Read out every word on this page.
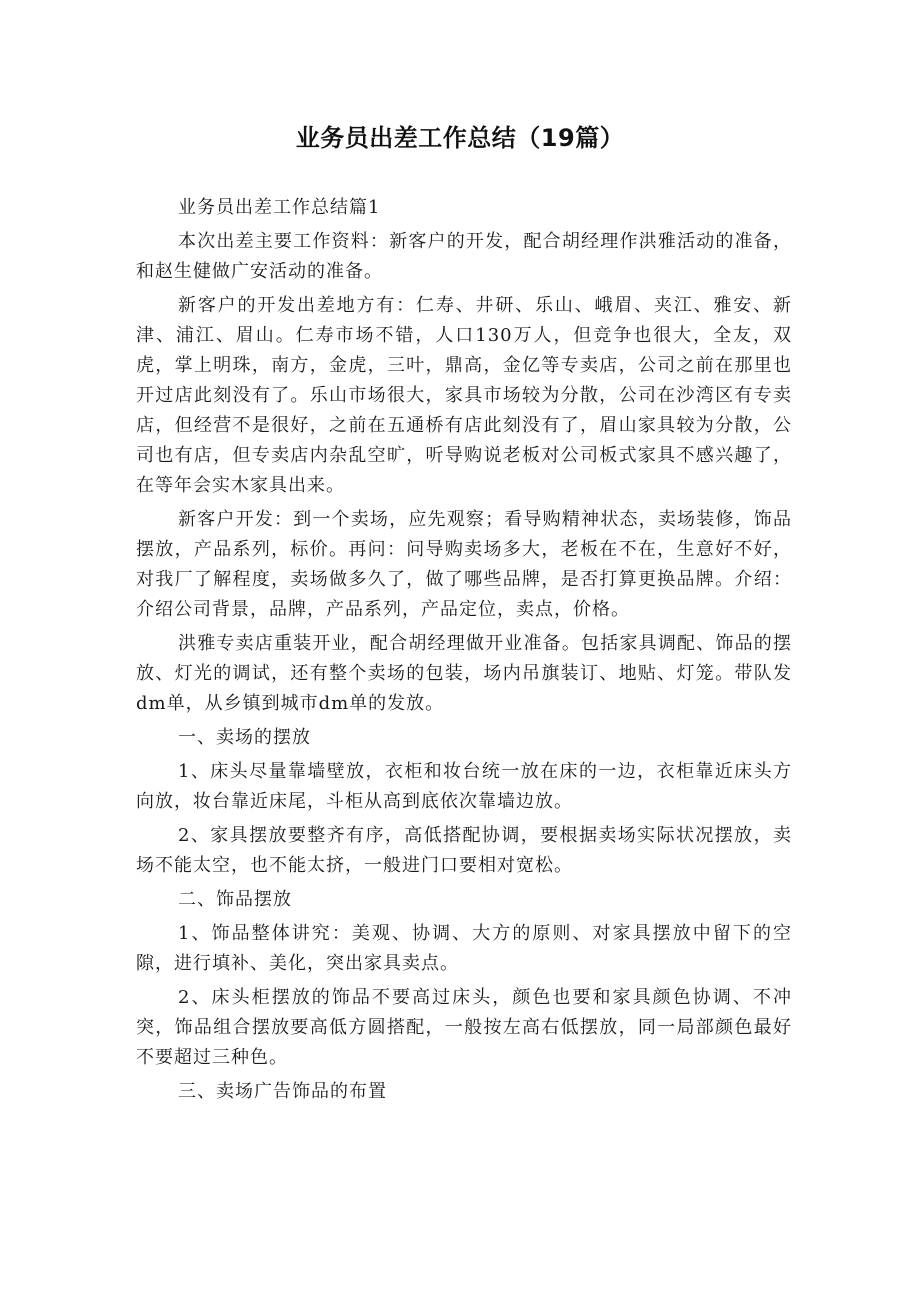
业务员出差工作总结（19篇）

业务员出差工作总结篇1

本次出差主要工作资料：新客户的开发，配合胡经理作洪雅活动的准备，和赵生健做广安活动的准备。

新客户的开发出差地方有：仁寿、井研、乐山、峨眉、夹江、雅安、新津、浦江、眉山。仁寿市场不错，人口130万人，但竞争也很大，全友，双虎，掌上明珠，南方，金虎，三叶，鼎高，金亿等专卖店，公司之前在那里也开过店此刻没有了。乐山市场很大，家具市场较为分散，公司在沙湾区有专卖店，但经营不是很好，之前在五通桥有店此刻没有了，眉山家具较为分散，公司也有店，但专卖店内杂乱空旷，听导购说老板对公司板式家具不感兴趣了，在等年会实木家具出来。

新客户开发：到一个卖场，应先观察；看导购精神状态，卖场装修，饰品摆放，产品系列，标价。再问：问导购卖场多大，老板在不在，生意好不好，对我厂了解程度，卖场做多久了，做了哪些品牌，是否打算更换品牌。介绍：介绍公司背景，品牌，产品系列，产品定位，卖点，价格。

洪雅专卖店重装开业，配合胡经理做开业准备。包括家具调配、饰品的摆放、灯光的调试，还有整个卖场的包装，场内吊旗装订、地贴、灯笼。带队发dm单，从乡镇到城市dm单的发放。

一、卖场的摆放

1、床头尽量靠墙壁放，衣柜和妆台统一放在床的一边，衣柜靠近床头方向放，妆台靠近床尾，斗柜从高到底依次靠墙边放。

2、家具摆放要整齐有序，高低搭配协调，要根据卖场实际状况摆放，卖场不能太空，也不能太挤，一般进门口要相对宽松。

二、饰品摆放

1、饰品整体讲究：美观、协调、大方的原则、对家具摆放中留下的空隙，进行填补、美化，突出家具卖点。

2、床头柜摆放的饰品不要高过床头，颜色也要和家具颜色协调、不冲突，饰品组合摆放要高低方圆搭配，一般按左高右低摆放，同一局部颜色最好不要超过三种色。

三、卖场广告饰品的布置
